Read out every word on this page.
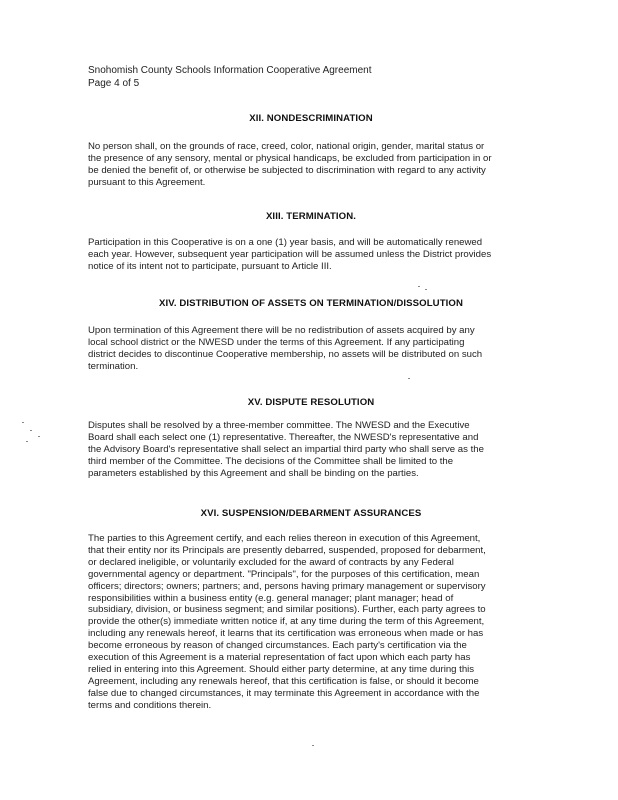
Snohomish County Schools Information Cooperative Agreement
Page 4 of 5
XII. NONDESCRIMINATION
No person shall, on the grounds of race, creed, color, national origin, gender, marital status or
the presence of any sensory, mental or physical handicaps, be excluded from participation in or
be denied the benefit of, or otherwise be subjected to discrimination with regard to any activity
pursuant to this Agreement.
XIII. TERMINATION.
Participation in this Cooperative is on a one (1) year basis, and will be automatically renewed
each year. However, subsequent year participation will be assumed unless the District provides
notice of its intent not to participate, pursuant to Article III.
XIV. DISTRIBUTION OF ASSETS ON TERMINATION/DISSOLUTION
Upon termination of this Agreement there will be no redistribution of assets acquired by any
local school district or the NWESD under the terms of this Agreement. If any participating
district decides to discontinue Cooperative membership, no assets will be distributed on such
termination.
XV. DISPUTE RESOLUTION
Disputes shall be resolved by a three-member committee. The NWESD and the Executive
Board shall each select one (1) representative. Thereafter, the NWESD's representative and
the Advisory Board's representative shall select an impartial third party who shall serve as the
third member of the Committee. The decisions of the Committee shall be limited to the
parameters established by this Agreement and shall be binding on the parties.
XVI. SUSPENSION/DEBARMENT ASSURANCES
The parties to this Agreement certify, and each relies thereon in execution of this Agreement,
that their entity nor its Principals are presently debarred, suspended, proposed for debarment,
or declared ineligible, or voluntarily excluded for the award of contracts by any Federal
governmental agency or department. "Principals", for the purposes of this certification, mean
officers; directors; owners; partners; and, persons having primary management or supervisory
responsibilities within a business entity (e.g. general manager; plant manager; head of
subsidiary, division, or business segment; and similar positions). Further, each party agrees to
provide the other(s) immediate written notice if, at any time during the term of this Agreement,
including any renewals hereof, it learns that its certification was erroneous when made or has
become erroneous by reason of changed circumstances. Each party's certification via the
execution of this Agreement is a material representation of fact upon which each party has
relied in entering into this Agreement. Should either party determine, at any time during this
Agreement, including any renewals hereof, that this certification is false, or should it become
false due to changed circumstances, it may terminate this Agreement in accordance with the
terms and conditions therein.
